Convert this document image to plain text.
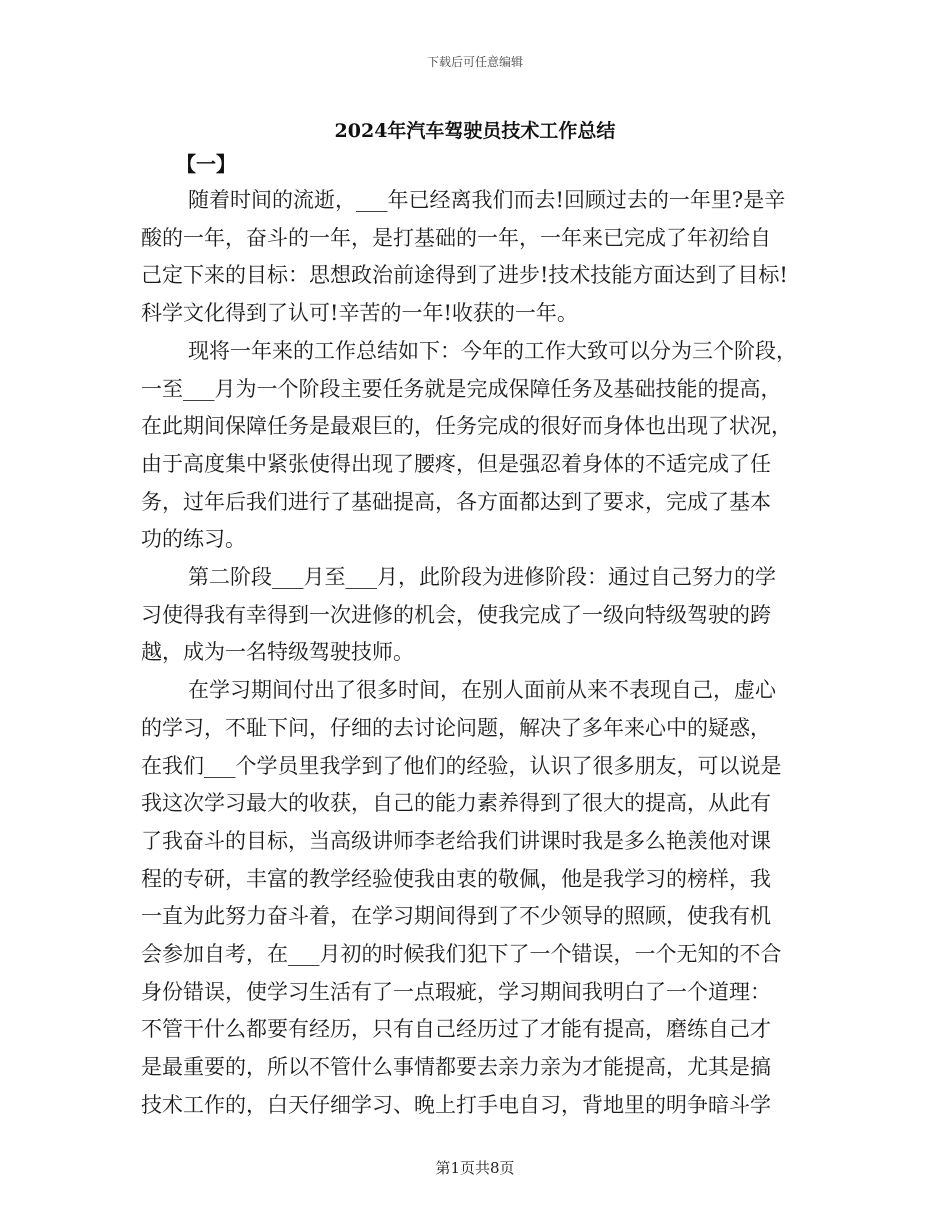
下载后可任意编辑
2024年汽车驾驶员技术工作总结
【一】
随着时间的流逝，___年已经离我们而去!回顾过去的一年里?是辛
酸的一年，奋斗的一年，是打基础的一年，一年来已完成了年初给自
己定下来的目标：思想政治前途得到了进步!技术技能方面达到了目标!
科学文化得到了认可!辛苦的一年!收获的一年。
现将一年来的工作总结如下：今年的工作大致可以分为三个阶段，
一至___月为一个阶段主要任务就是完成保障任务及基础技能的提高，
在此期间保障任务是最艰巨的，任务完成的很好而身体也出现了状况，
由于高度集中紧张使得出现了腰疼，但是强忍着身体的不适完成了任
务，过年后我们进行了基础提高，各方面都达到了要求，完成了基本
功的练习。
第二阶段___月至___月，此阶段为进修阶段：通过自己努力的学
习使得我有幸得到一次进修的机会，使我完成了一级向特级驾驶的跨
越，成为一名特级驾驶技师。
在学习期间付出了很多时间，在别人面前从来不表现自己，虚心
的学习，不耻下问，仔细的去讨论问题，解决了多年来心中的疑惑，
在我们___个学员里我学到了他们的经验，认识了很多朋友，可以说是
我这次学习最大的收获，自己的能力素养得到了很大的提高，从此有
了我奋斗的目标，当高级讲师李老给我们讲课时我是多么艳羡他对课
程的专研，丰富的教学经验使我由衷的敬佩，他是我学习的榜样，我
一直为此努力奋斗着，在学习期间得到了不少领导的照顾，使我有机
会参加自考，在___月初的时候我们犯下了一个错误，一个无知的不合
身份错误，使学习生活有了一点瑕疵，学习期间我明白了一个道理：
不管干什么都要有经历，只有自己经历过了才能有提高，磨练自己才
是最重要的，所以不管什么事情都要去亲力亲为才能提高，尤其是搞
技术工作的，白天仔细学习、晚上打手电自习，背地里的明争暗斗学
第1页共8页
